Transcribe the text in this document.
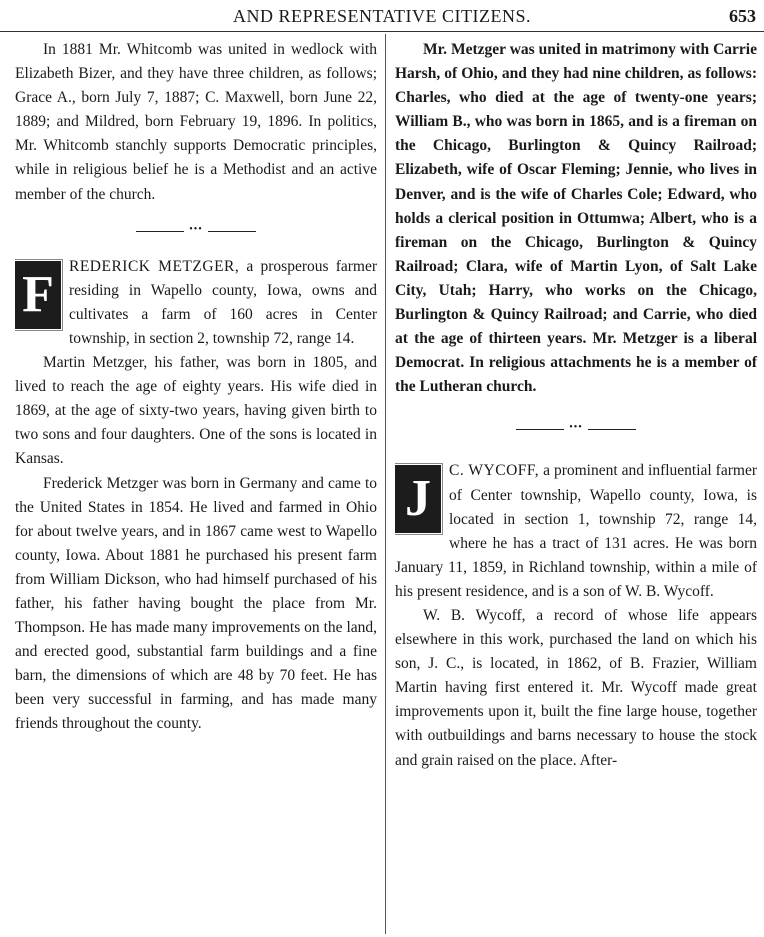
AND REPRESENTATIVE CITIZENS.	653

In 1881 Mr. Whitcomb was united in wedlock with Elizabeth Bizer, and they have three children, as follows; Grace A., born July 7, 1887; C. Maxwell, born June 22, 1889; and Mildred, born February 19, 1896. In politics, Mr. Whitcomb stanchly supports Democratic principles, while in religious belief he is a Methodist and an active member of the church.

•••
F REDERICK METZGER, a prosperous farmer residing in Wapello county, Iowa, owns and cultivates a farm of 160 acres in Center township, in section 2, township 72, range 14.

Martin Metzger, his father, was born in 1805, and lived to reach the age of eighty years. His wife died in 1869, at the age of sixty-two years, having given birth to two sons and four daughters. One of the sons is located in Kansas.

Frederick Metzger was born in Germany and came to the United States in 1854. He lived and farmed in Ohio for about twelve years, and in 1867 came west to Wapello county, Iowa. About 1881 he purchased his present farm from William Dickson, who had himself purchased of his father, his father having bought the place from Mr. Thompson. He has made many improvements on the land, and erected good, substantial farm buildings and a fine barn, the dimensions of which are 48 by 70 feet. He has been very successful in farming, and has made many friends throughout the county.

Mr. Metzger was united in matrimony with Carrie Harsh, of Ohio, and they had nine children, as follows: Charles, who died at the age of twenty-one years; William B., who was born in 1865, and is a fireman on the Chicago, Burlington & Quincy Railroad; Elizabeth, wife of Oscar Fleming; Jennie, who lives in Denver, and is the wife of Charles Cole; Edward, who holds a clerical position in Ottumwa; Albert, who is a fireman on the Chicago, Burlington & Quincy Railroad; Clara, wife of Martin Lyon, of Salt Lake City, Utah; Harry, who works on the Chicago, Burlington & Quincy Railroad; and Carrie, who died at the age of thirteen years. Mr. Metzger is a liberal Democrat. In religious attachments he is a member of the Lutheran church.

•••
J	C. WYCOFF, a prominent and influential farmer of Center township, Wapello county, Iowa, is located in section 1, township 72, range 14, where he has a tract of 131 acres. He was born January 11, 1859, in Richland township, within a mile of his present residence, and is a son of W. B. Wycoff.

W. B. Wycoff, a record of whose life appears elsewhere in this work, purchased the land on which his son, J. C., is located, in 1862, of B. Frazier, William Martin having first entered it. Mr. Wycoff made great improvements upon it, built the fine large house, together with outbuildings and barns necessary to house the stock and grain raised on the place. After-
